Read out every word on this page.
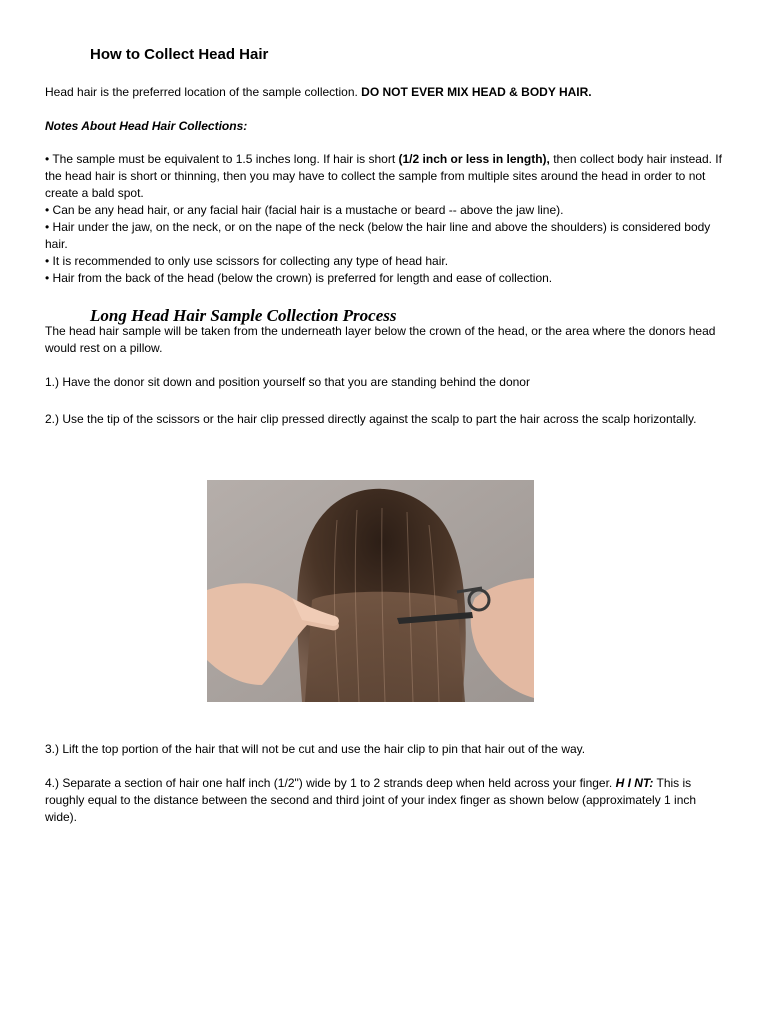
How to Collect Head Hair

Head hair is the preferred location of the sample collection. DO NOT EVER MIX HEAD & BODY HAIR.

Notes About Head Hair Collections:

• The sample must be equivalent to 1.5 inches long. If hair is short (1/2 inch or less in length), then collect body hair instead. If the head hair is short or thinning, then you may have to collect the sample from multiple sites around the head in order to not create a bald spot.

• Can be any head hair, or any facial hair (facial hair is a mustache or beard -- above the jaw line).

• Hair under the jaw, on the neck, or on the nape of the neck (below the hair line and above the shoulders) is considered body hair.

• It is recommended to only use scissors for collecting any type of head hair.

• Hair from the back of the head (below the crown) is preferred for length and ease of collection.

Long Head Hair Sample Collection Process

The head hair sample will be taken from the underneath layer below the crown of the head, or the area where the donors head would rest on a pillow.

1.) Have the donor sit down and position yourself so that you are standing behind the donor

2.) Use the tip of the scissors or the hair clip pressed directly against the scalp to part the hair across the scalp horizontally.

3.) Lift the top portion of the hair that will not be cut and use the hair clip to pin that hair out of the way.

4.) Separate a section of hair one half inch (1/2") wide by 1 to 2 strands deep when held across your finger. H I NT: This is roughly equal to the distance between the second and third joint of your index finger as shown below (approximately 1 inch wide).
